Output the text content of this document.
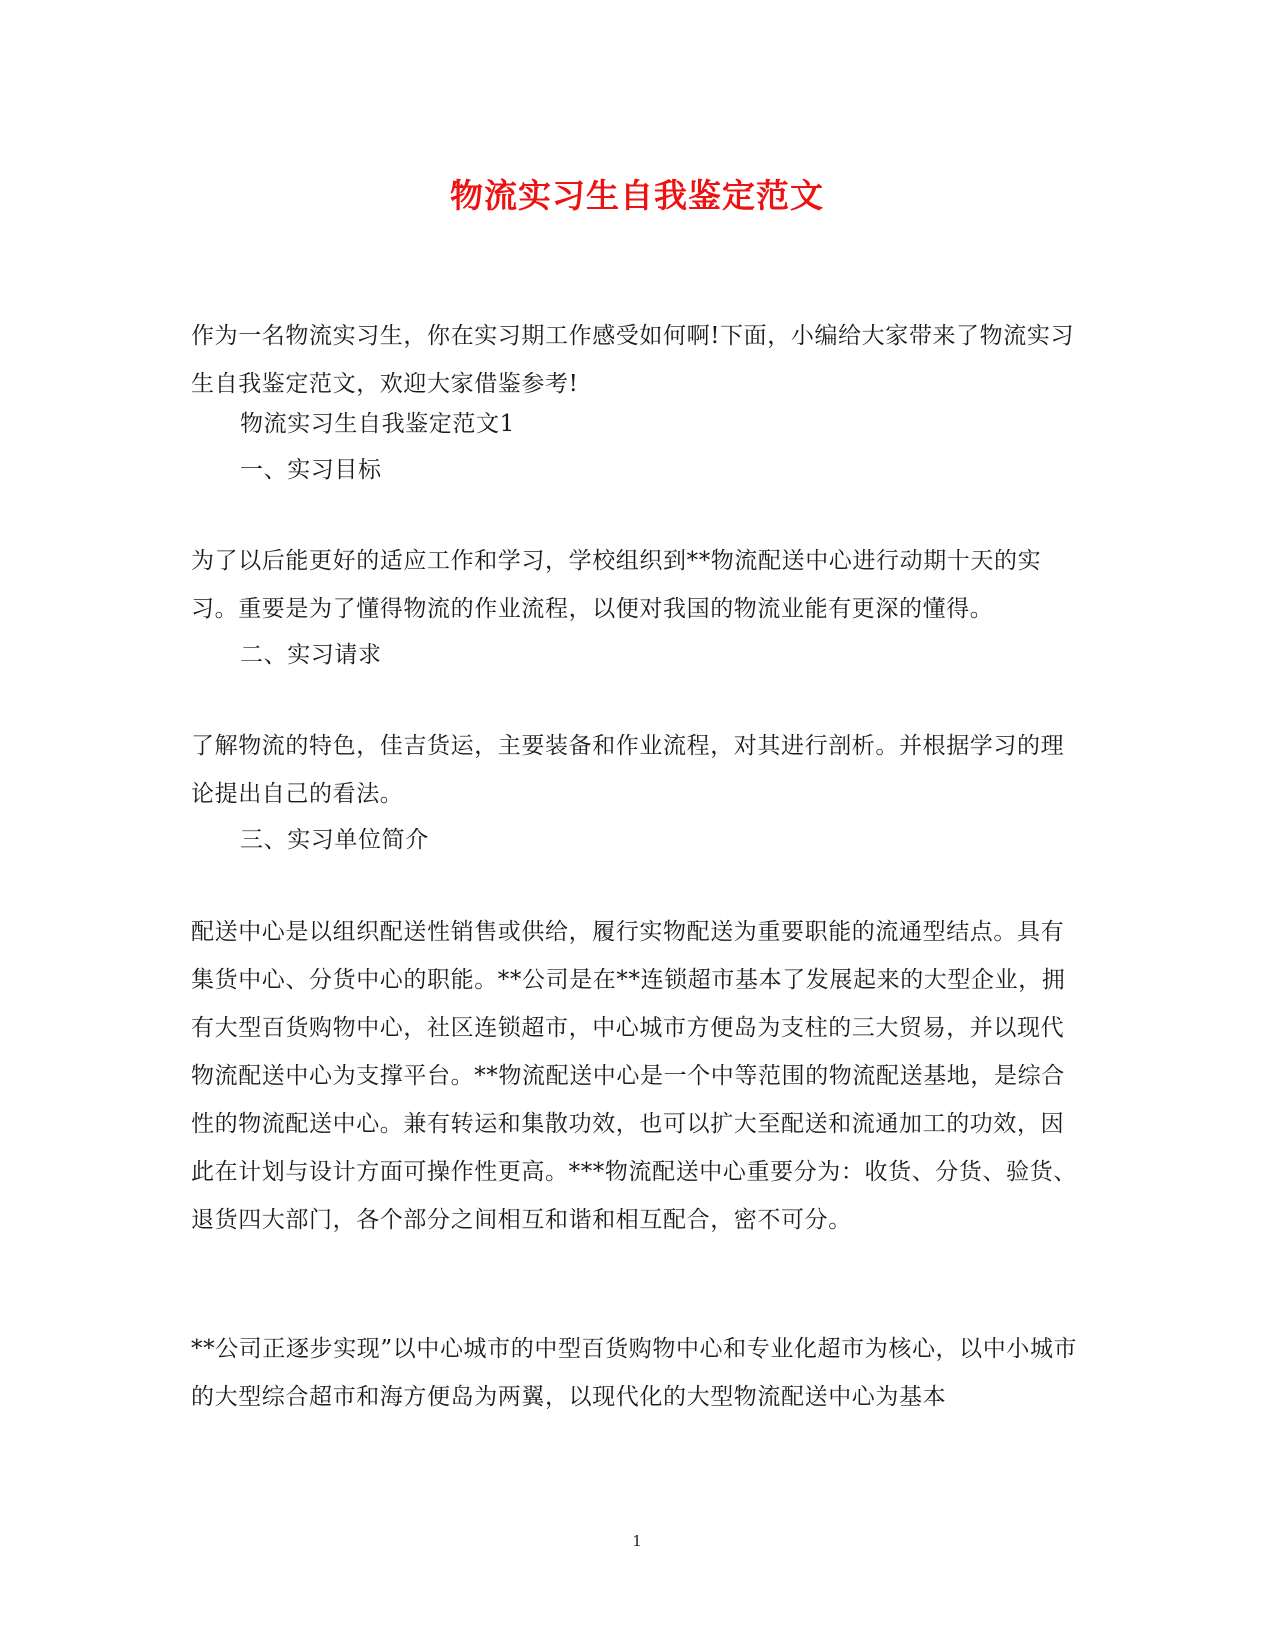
物流实习生自我鉴定范文

作为一名物流实习生，你在实习期工作感受如何啊!下面，小编给大家带来了物流实习生自我鉴定范文，欢迎大家借鉴参考!

物流实习生自我鉴定范文1

一、实习目标

为了以后能更好的适应工作和学习，学校组织到**物流配送中心进行动期十天的实习。重要是为了懂得物流的作业流程，以便对我国的物流业能有更深的懂得。

二、实习请求

了解物流的特色，佳吉货运，主要装备和作业流程，对其进行剖析。并根据学习的理论提出自己的看法。

三、实习单位简介

配送中心是以组织配送性销售或供给，履行实物配送为重要职能的流通型结点。具有集货中心、分货中心的职能。**公司是在**连锁超市基本了发展起来的大型企业，拥有大型百货购物中心，社区连锁超市，中心城市方便岛为支柱的三大贸易，并以现代物流配送中心为支撑平台。**物流配送中心是一个中等范围的物流配送基地，是综合性的物流配送中心。兼有转运和集散功效，也可以扩大至配送和流通加工的功效，因此在计划与设计方面可操作性更高。***物流配送中心重要分为：收货、分货、验货、退货四大部门，各个部分之间相互和谐和相互配合，密不可分。

**公司正逐步实现”以中心城市的中型百货购物中心和专业化超市为核心，以中小城市的大型综合超市和海方便岛为两翼，以现代化的大型物流配送中心为基本

1
